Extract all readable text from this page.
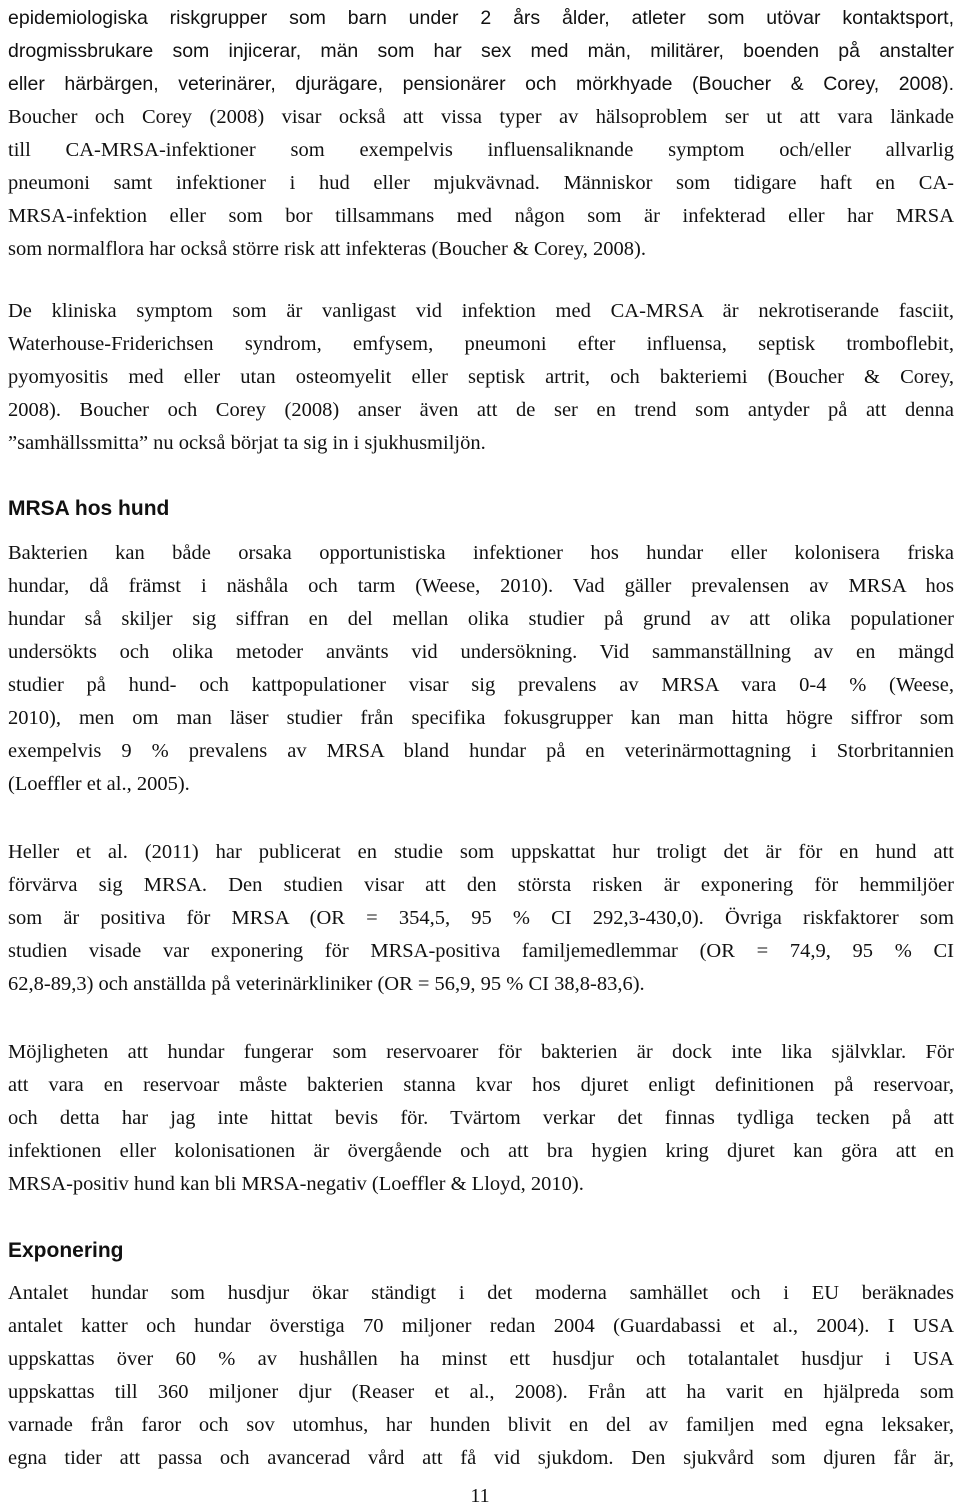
epidemiologiska riskgrupper som barn under 2 års ålder, atleter som utövar kontaktsport,
drogmissbrukare som injicerar, män som har sex med män, militärer, boenden på anstalter
eller härbärgen, veterinärer, djurägare, pensionärer och mörkhyade (Boucher & Corey, 2008).
Boucher och Corey (2008) visar också att vissa typer av hälsoproblem ser ut att vara länkade
till CA-MRSA-infektioner som exempelvis influensaliknande symptom och/eller allvarlig
pneumoni samt infektioner i hud eller mjukvävnad. Människor som tidigare haft en CA-
MRSA-infektion eller som bor tillsammans med någon som är infekterad eller har MRSA
som normalflora har också större risk att infekteras (Boucher & Corey, 2008).
De kliniska symptom som är vanligast vid infektion med CA-MRSA är nekrotiserande fasciit,
Waterhouse-Friderichsen syndrom, emfysem, pneumoni efter influensa, septisk tromboflebit,
pyomyositis med eller utan osteomyelit eller septisk artrit, och bakteriemi (Boucher & Corey,
2008). Boucher och Corey (2008) anser även att de ser en trend som antyder på att denna
”samhällssmitta” nu också börjat ta sig in i sjukhusmiljön.
MRSA hos hund
Bakterien kan både orsaka opportunistiska infektioner hos hundar eller kolonisera friska
hundar, då främst i näshåla och tarm (Weese, 2010). Vad gäller prevalensen av MRSA hos
hundar så skiljer sig siffran en del mellan olika studier på grund av att olika populationer
undersökts och olika metoder använts vid undersökning. Vid sammanställning av en mängd
studier på hund- och kattpopulationer visar sig prevalens av MRSA vara 0-4 % (Weese,
2010), men om man läser studier från specifika fokusgrupper kan man hitta högre siffror som
exempelvis 9 % prevalens av MRSA bland hundar på en veterinärmottagning i Storbritannien
(Loeffler et al., 2005).
Heller et al. (2011) har publicerat en studie som uppskattat hur troligt det är för en hund att
förvärva sig MRSA. Den studien visar att den största risken är exponering för hemmiljöer
som är positiva för MRSA (OR = 354,5, 95 % CI 292,3-430,0). Övriga riskfaktorer som
studien visade var exponering för MRSA-positiva familjemedlemmar (OR = 74,9, 95 % CI
62,8-89,3) och anställda på veterinärkliniker (OR = 56,9, 95 % CI 38,8-83,6).
Möjligheten att hundar fungerar som reservoarer för bakterien är dock inte lika självklar. För
att vara en reservoar måste bakterien stanna kvar hos djuret enligt definitionen på reservoar,
och detta har jag inte hittat bevis för. Tvärtom verkar det finnas tydliga tecken på att
infektionen eller kolonisationen är övergående och att bra hygien kring djuret kan göra att en
MRSA-positiv hund kan bli MRSA-negativ (Loeffler & Lloyd, 2010).
Exponering
Antalet hundar som husdjur ökar ständigt i det moderna samhället och i EU beräknades
antalet katter och hundar överstiga 70 miljoner redan 2004 (Guardabassi et al., 2004). I USA
uppskattas över 60 % av hushållen ha minst ett husdjur och totalantalet husdjur i USA
uppskattas till 360 miljoner djur (Reaser et al., 2008). Från att ha varit en hjälpreda som
varnade från faror och sov utomhus, har hunden blivit en del av familjen med egna leksaker,
egna tider att passa och avancerad vård att få vid sjukdom. Den sjukvård som djuren får är,
11
